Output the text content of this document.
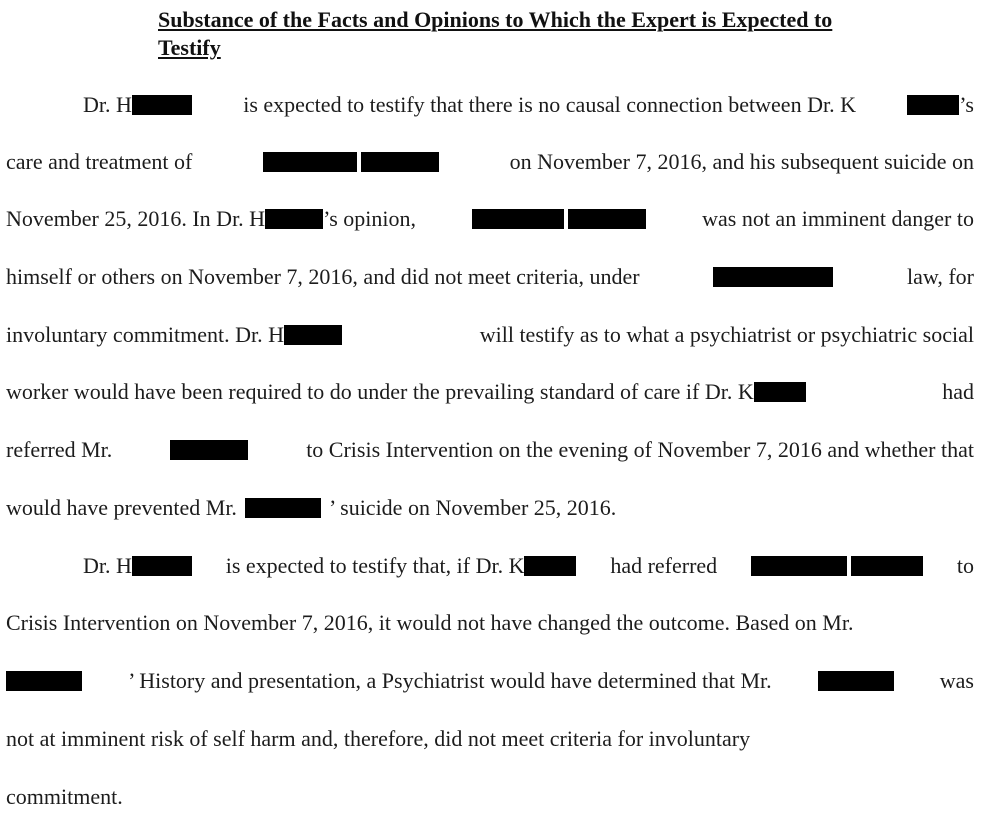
Substance of the Facts and Opinions to Which the Expert is Expected to
Testify
Dr. H	is expected to testify that there is no causal connection between Dr. K	’s
care and treatment of	on November 7, 2016, and his subsequent suicide on
November 25, 2016. In Dr. H	’s opinion,	was not an imminent danger to
himself or others on November 7, 2016, and did not meet criteria, under	law, for
involuntary commitment. Dr. H	will testify as to what a psychiatrist or psychiatric social
worker would have been required to do under the prevailing standard of care if Dr. K	had
referred Mr.	to Crisis Intervention on the evening of November 7, 2016 and whether that
would have prevented Mr.	’ suicide on November 25, 2016.
Dr. H	is expected to testify that, if Dr. K	had referred	to
Crisis Intervention on November 7, 2016, it would not have changed the outcome. Based on Mr.
’ History and presentation, a Psychiatrist would have determined that Mr.	was
not at imminent risk of self harm and, therefore, did not meet criteria for involuntary
commitment.
